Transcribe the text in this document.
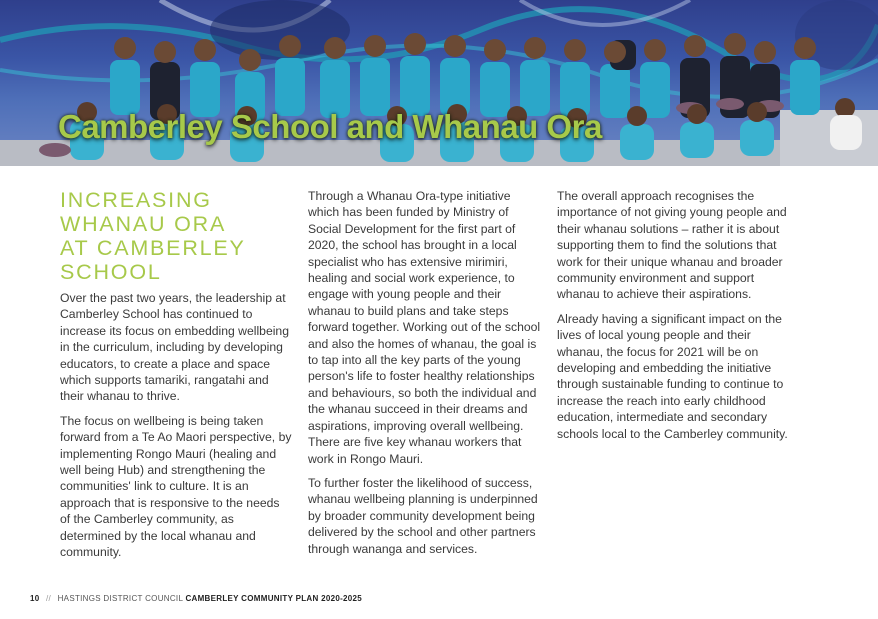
Camberley School and Whanau Ora
INCREASING
WHANAU ORA
AT CAMBERLEY
SCHOOL

Over the past two years, the leadership at Camberley School has continued to increase its focus on embedding wellbeing in the curriculum, including by developing educators, to create a place and space which supports tamariki, rangatahi and their whanau to thrive.

The focus on wellbeing is being taken forward from a Te Ao Maori perspective, by implementing Rongo Mauri (healing and well being Hub) and strengthening the communities' link to culture. It is an approach that is responsive to the needs of the Camberley community, as determined by the local whanau and community.

Through a Whanau Ora-type initiative which has been funded by Ministry of Social Development for the first part of 2020, the school has brought in a local specialist who has extensive mirimiri, healing and social work experience, to engage with young people and their whanau to build plans and take steps forward together. Working out of the school and also the homes of whanau, the goal is to tap into all the key parts of the young person's life to foster healthy relationships and behaviours, so both the individual and the whanau succeed in their dreams and aspirations, improving overall wellbeing. There are five key whanau workers that work in Rongo Mauri.

To further foster the likelihood of success, whanau wellbeing planning is underpinned by broader community development being delivered by the school and other partners through wananga and services.

The overall approach recognises the importance of not giving young people and their whanau solutions – rather it is about supporting them to find the solutions that work for their unique whanau and broader community environment and support whanau to achieve their aspirations.

Already having a significant impact on the lives of local young people and their whanau, the focus for 2021 will be on developing and embedding the initiative through sustainable funding to continue to increase the reach into early childhood education, intermediate and secondary schools local to the Camberley community.

10 // HASTINGS DISTRICT COUNCIL CAMBERLEY COMMUNITY PLAN 2020-2025
